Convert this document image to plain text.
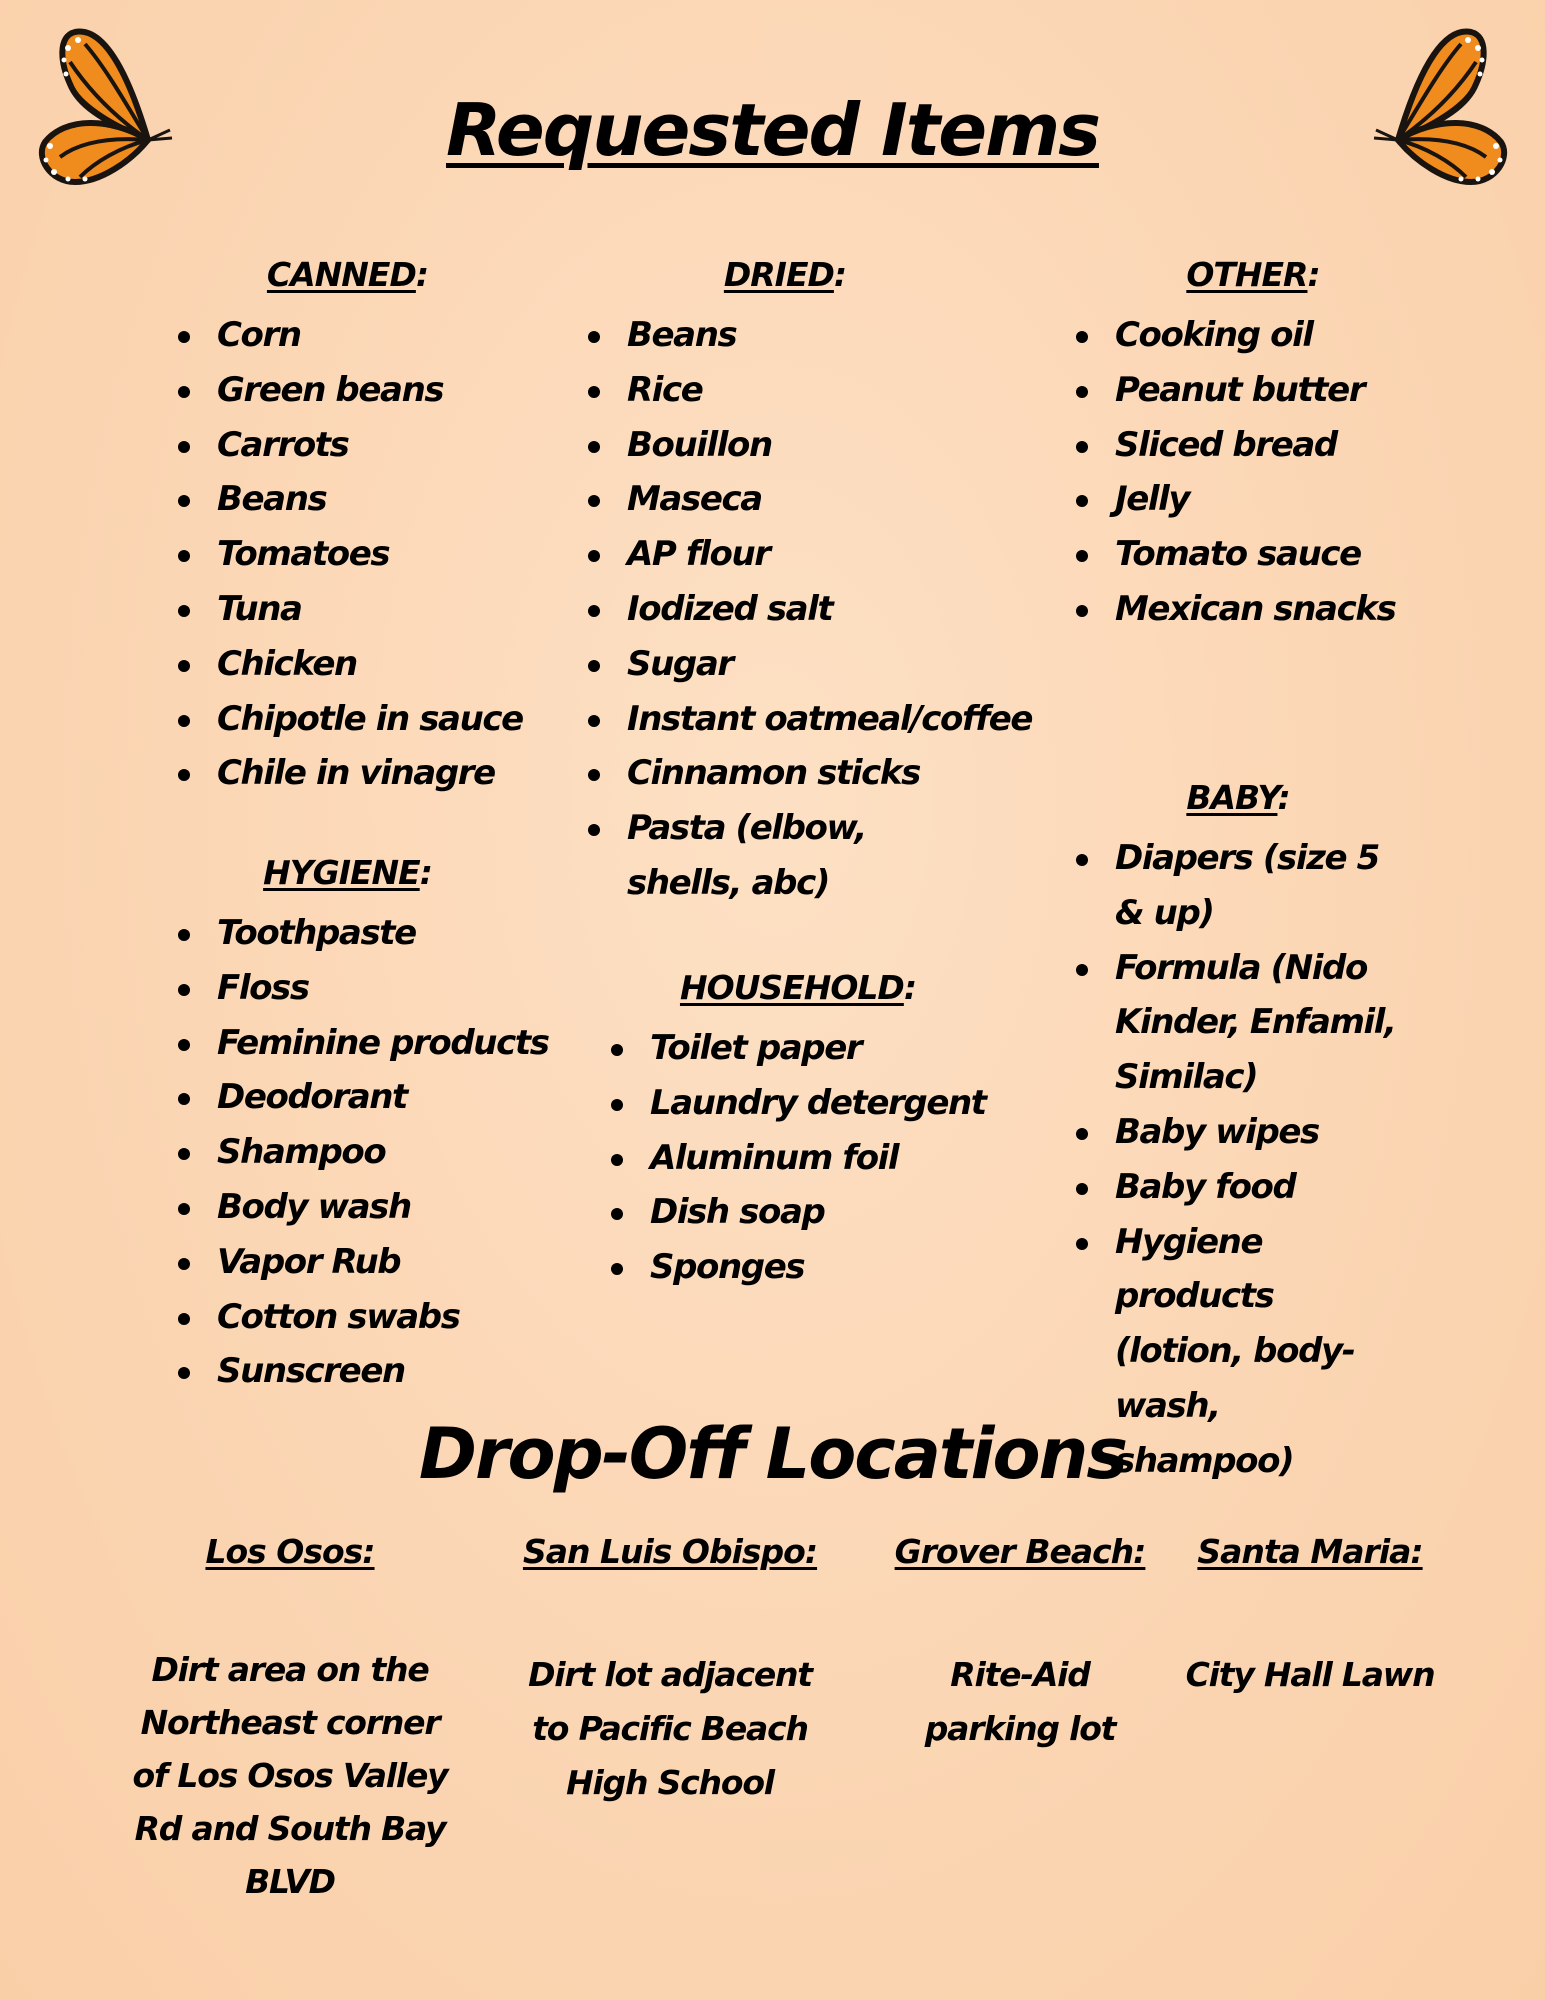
Requested Items
CANNED:
Corn
Green beans
Carrots
Beans
Tomatoes
Tuna
Chicken
Chipotle in sauce
Chile in vinagre
HYGIENE:
Toothpaste
Floss
Feminine products
Deodorant
Shampoo
Body wash
Vapor Rub
Cotton swabs
Sunscreen
DRIED:
Beans
Rice
Bouillon
Maseca
AP flour
Iodized salt
Sugar
Instant oatmeal/coffee
Cinnamon sticks
Pasta (elbow, shells, abc)
HOUSEHOLD:
Toilet paper
Laundry detergent
Aluminum foil
Dish soap
Sponges
OTHER:
Cooking oil
Peanut butter
Sliced bread
Jelly
Tomato sauce
Mexican snacks
BABY:
Diapers (size 5 & up)
Formula (Nido Kinder, Enfamil, Similac)
Baby wipes
Baby food
Hygiene products (lotion, body-wash, shampoo)
Drop-Off Locations
Los Osos:
Dirt area on the Northeast corner of Los Osos Valley Rd and South Bay BLVD
San Luis Obispo:
Dirt lot adjacent to Pacific Beach High School
Grover Beach:
Rite-Aid parking lot
Santa Maria:
City Hall Lawn
